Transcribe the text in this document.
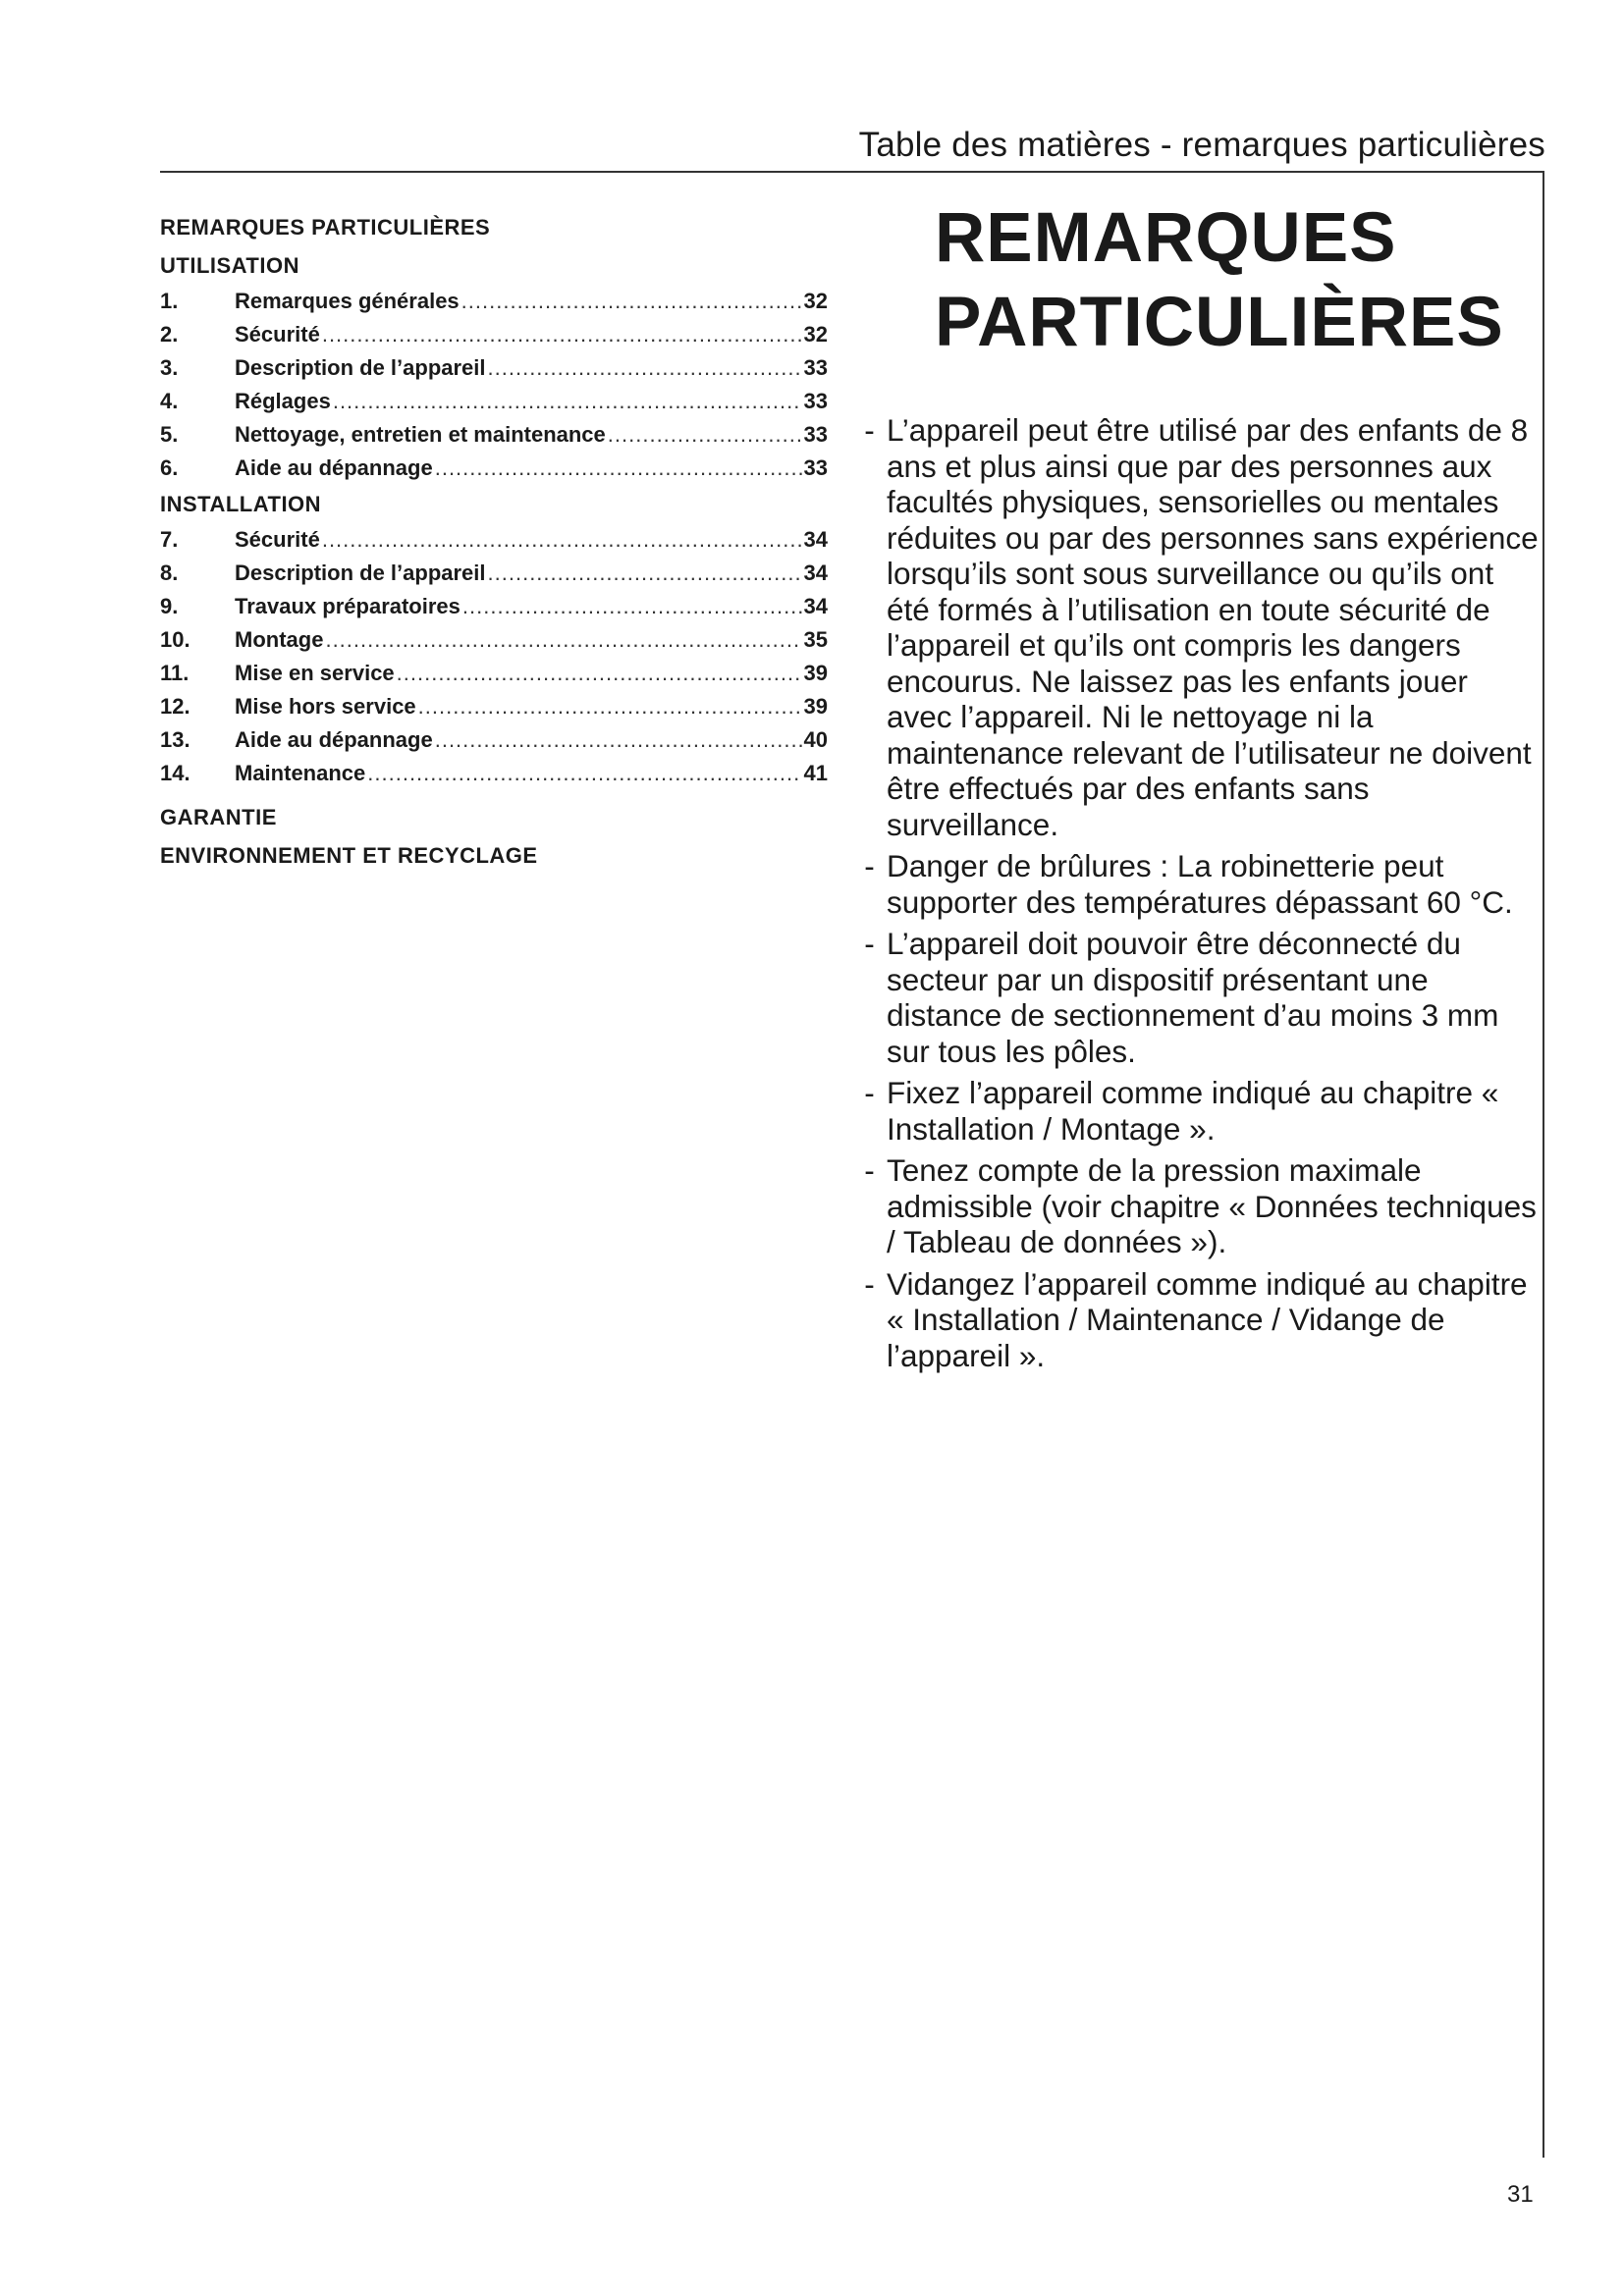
Table des matières - remarques particulières
REMARQUES PARTICULIÈRES
UTILISATION
1.	Remarques générales .....	32
2.	Sécurité .....	32
3.	Description de l’appareil .....	33
4.	Réglages .....	33
5.	Nettoyage, entretien et maintenance .....	33
6.	Aide au dépannage .....	33
INSTALLATION
7.	Sécurité .....	34
8.	Description de l’appareil .....	34
9.	Travaux préparatoires .....	34
10.	Montage .....	35
11.	Mise en service .....	39
12.	Mise hors service .....	39
13.	Aide au dépannage .....	40
14.	Maintenance .....	41
GARANTIE
ENVIRONNEMENT ET RECYCLAGE
REMARQUES
PARTICULIÈRES
- L’appareil peut être utilisé par des enfants de 8 ans et plus ainsi que par des personnes aux facultés physiques, sensorielles ou mentales réduites ou par des personnes sans expérience lorsqu’ils sont sous surveillance ou qu’ils ont été formés à l’utilisation en toute sécurité de l’appareil et qu’ils ont compris les dangers encourus. Ne laissez pas les enfants jouer avec l’appareil. Ni le nettoyage ni la maintenance relevant de l’utilisateur ne doivent être effectués par des enfants sans surveillance.
- Danger de brûlures : La robinetterie peut supporter des températures dépassant 60 °C.
- L’appareil doit pouvoir être déconnecté du secteur par un dispositif présentant une distance de sectionnement d’au moins 3 mm sur tous les pôles.
- Fixez l’appareil comme indiqué au chapitre « Installation / Montage ».
- Tenez compte de la pression maximale admissible (voir chapitre « Données techniques / Tableau de données »).
- Vidangez l’appareil comme indiqué au chapitre « Installation / Maintenance / Vidange de l’appareil ».
31
